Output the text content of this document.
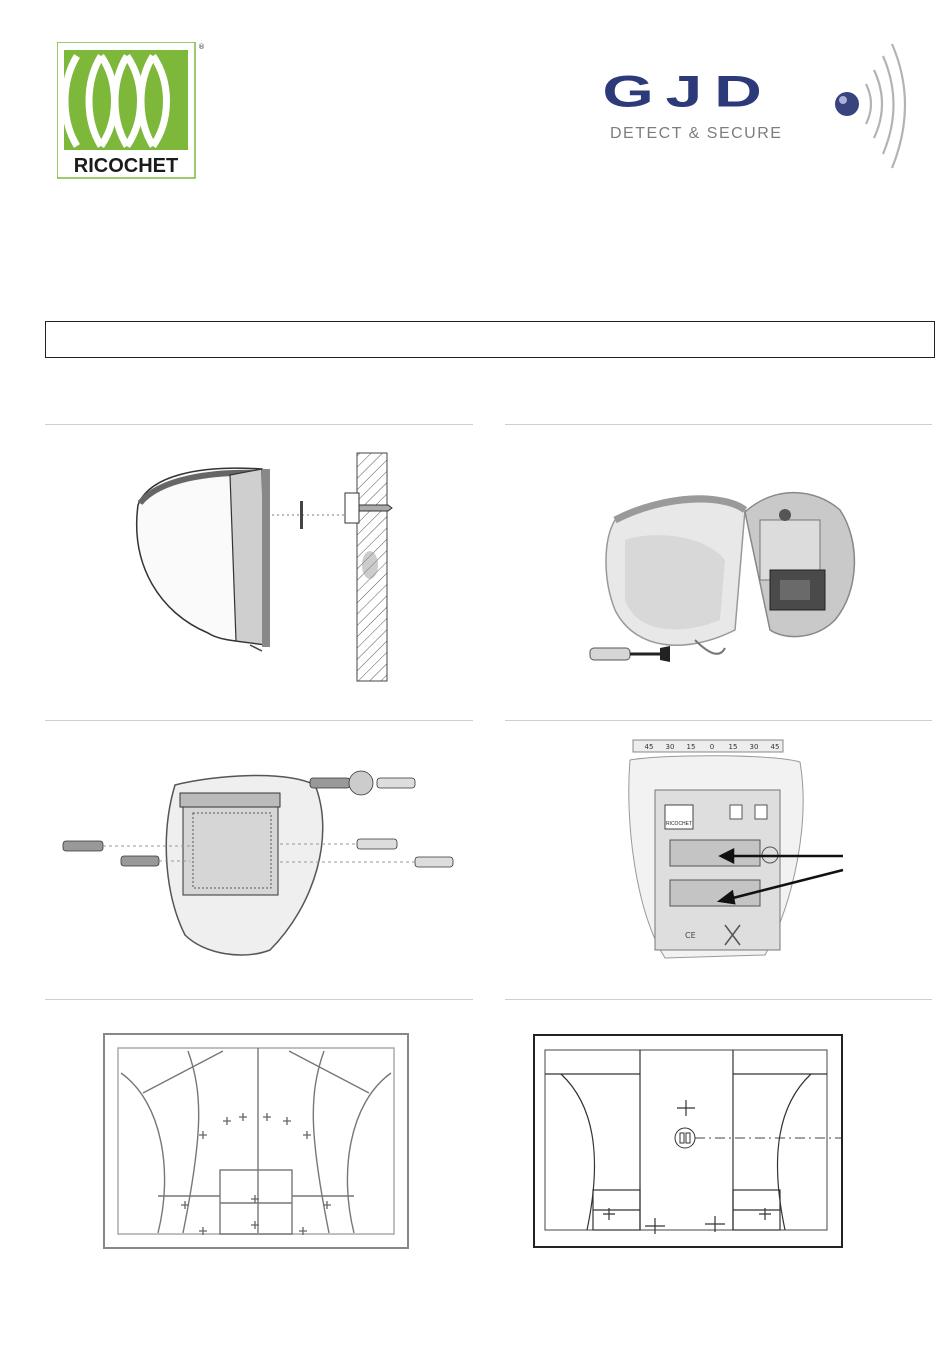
RICOCHET
®
GJD
DETECT & SECURE
45 30 15 0 15 30 45
RICOCHET
CE
